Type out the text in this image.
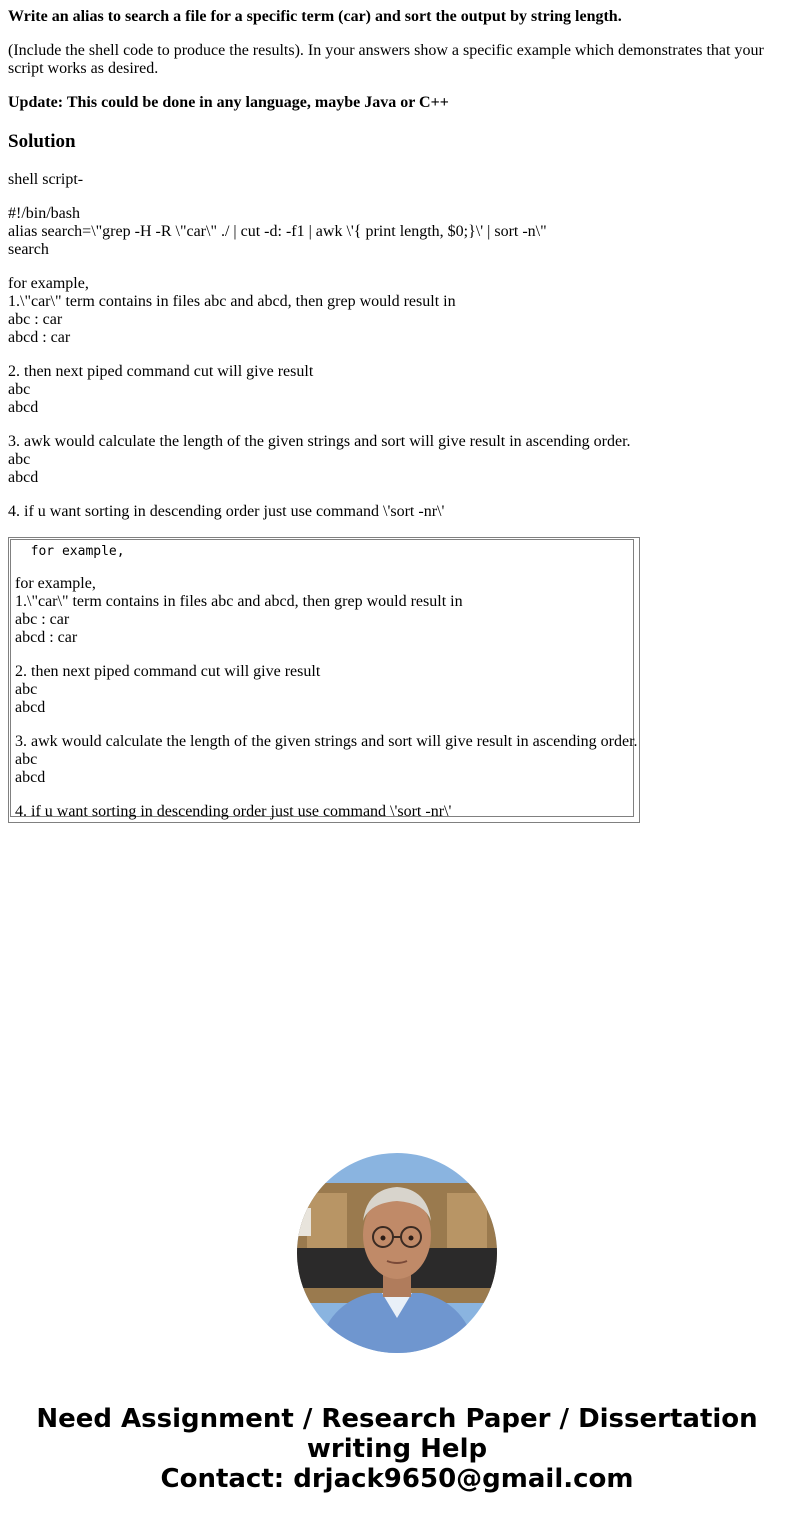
Write an alias to search a file for a specific term (car) and sort the output by string length.

(Include the shell code to produce the results). In your answers show a specific example which demonstrates that your script works as desired.

Update: This could be done in any language, maybe Java or C++

Solution
shell script-
#!/bin/bash
alias search=\"grep -H -R \"car\" ./ | cut -d: -f1 | awk \'{ print length, $0;}\' | sort -n\"
search
for example,
1.\"car\" term contains in files abc and abcd, then grep would result in
abc : car
abcd : car
2. then next piped command cut will give result
abc
abcd
3. awk would calculate the length of the given strings and sort will give result in ascending order.
abc
abcd
4. if u want sorting in descending order just use command \'sort -nr\'
for example,
for example,
1.\"car\" term contains in files abc and abcd, then grep would result in
abc : car
abcd : car
2. then next piped command cut will give result
abc
abcd
3. awk would calculate the length of the given strings and sort will give result in ascending order.
abc
abcd
4. if u want sorting in descending order just use command \'sort -nr\'
Need Assignment / Research Paper / Dissertation
writing Help
Contact: drjack9650@gmail.com
